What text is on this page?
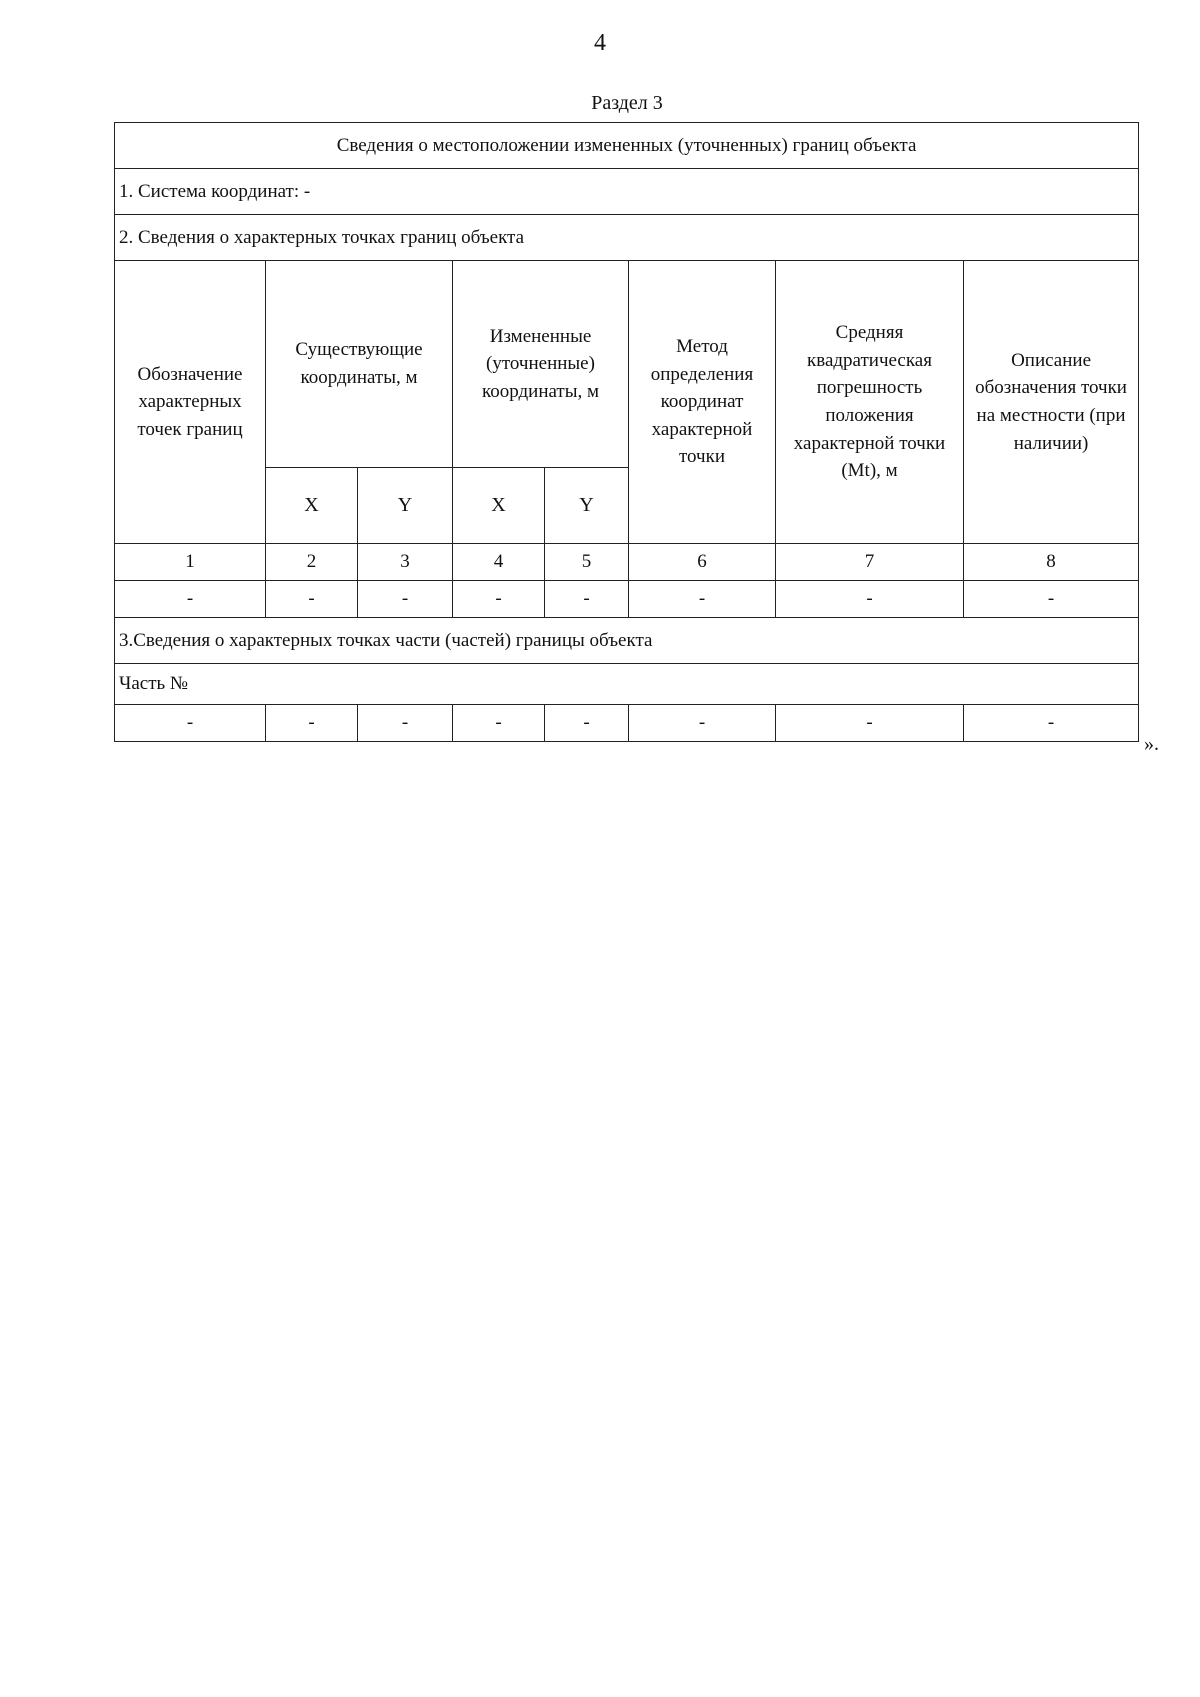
4
Раздел 3
Сведения о местоположении измененных (уточненных) границ объекта							
1. Система координат: -							
2. Сведения о характерных точках границ объекта							
Обозначение характерных точек границ	Существующие координаты, м		Измененные (уточненные) координаты, м		Метод определения координат характерной точки	Средняя квадратическая погрешность положения характерной точки (Mt), м	Описание обозначения точки на местности (при наличии)
	X	Y	X	Y			
1	2	3	4	5	6	7	8
-	-	-	-	-	-	-	-
3.Сведения о характерных точках части (частей) границы объекта							
Часть №							
-	-	-	-	-	-	-	-
».
